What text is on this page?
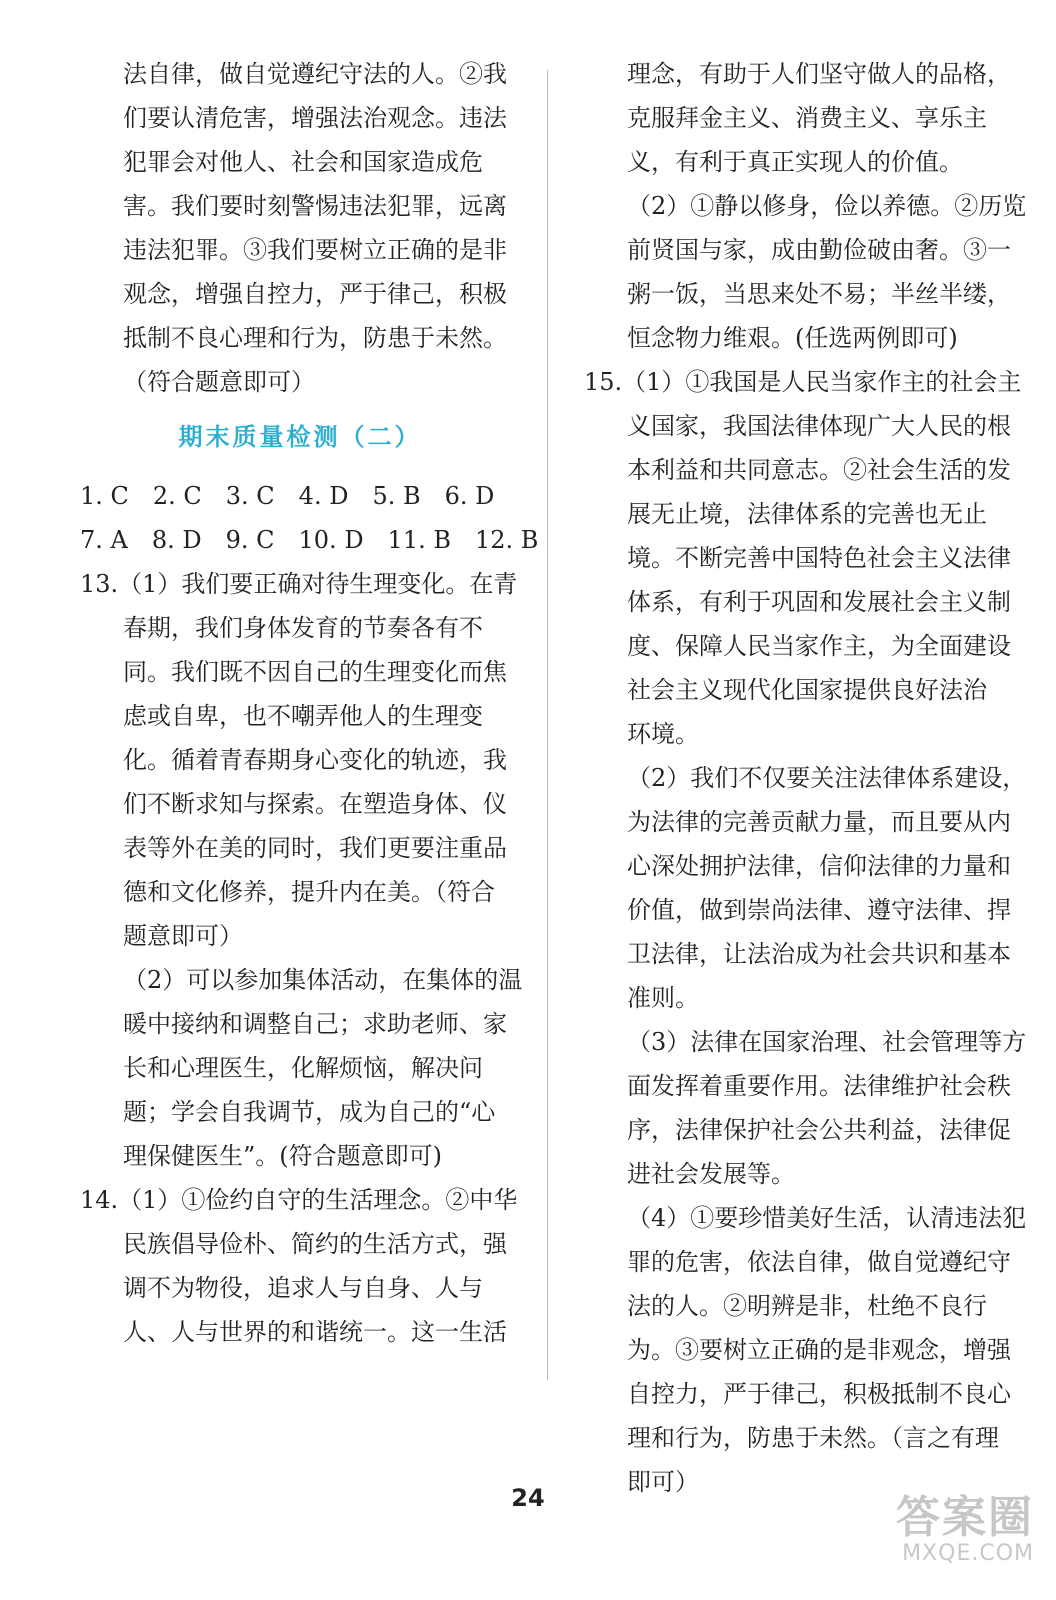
法自律，做自觉遵纪守法的人。②我
们要认清危害，增强法治观念。违法
犯罪会对他人、社会和国家造成危
害。我们要时刻警惕违法犯罪，远离
违法犯罪。③我们要树立正确的是非
观念，增强自控力，严于律己，积极
抵制不良心理和行为，防患于未然。
（符合题意即可）
期末质量检测（二）
1. C　2. C　3. C　4. D　5. B　6. D
7. A　8. D　9. C　10. D　11. B　12. B
13.（1）我们要正确对待生理变化。在青
春期，我们身体发育的节奏各有不
同。我们既不因自己的生理变化而焦
虑或自卑，也不嘲弄他人的生理变
化。循着青春期身心变化的轨迹，我
们不断求知与探索。在塑造身体、仪
表等外在美的同时，我们更要注重品
德和文化修养，提升内在美。（符合
题意即可）
（2）可以参加集体活动，在集体的温
暖中接纳和调整自己；求助老师、家
长和心理医生，化解烦恼，解决问
题；学会自我调节，成为自己的“心
理保健医生”。(符合题意即可)
14.（1）①俭约自守的生活理念。②中华
民族倡导俭朴、简约的生活方式，强
调不为物役，追求人与自身、人与
人、人与世界的和谐统一。这一生活
理念，有助于人们坚守做人的品格，
克服拜金主义、消费主义、享乐主
义，有利于真正实现人的价值。
（2）①静以修身，俭以养德。②历览
前贤国与家，成由勤俭破由奢。③一
粥一饭，当思来处不易；半丝半缕，
恒念物力维艰。(任选两例即可)
15.（1）①我国是人民当家作主的社会主
义国家，我国法律体现广大人民的根
本利益和共同意志。②社会生活的发
展无止境，法律体系的完善也无止
境。不断完善中国特色社会主义法律
体系，有利于巩固和发展社会主义制
度、保障人民当家作主，为全面建设
社会主义现代化国家提供良好法治
环境。
（2）我们不仅要关注法律体系建设，
为法律的完善贡献力量，而且要从内
心深处拥护法律，信仰法律的力量和
价值，做到崇尚法律、遵守法律、捍
卫法律，让法治成为社会共识和基本
准则。
（3）法律在国家治理、社会管理等方
面发挥着重要作用。法律维护社会秩
序，法律保护社会公共利益，法律促
进社会发展等。
（4）①要珍惜美好生活，认清违法犯
罪的危害，依法自律，做自觉遵纪守
法的人。②明辨是非，杜绝不良行
为。③要树立正确的是非观念，增强
自控力，严于律己，积极抵制不良心
理和行为，防患于未然。（言之有理
即可）
24	答案圈
MXQE.COM
